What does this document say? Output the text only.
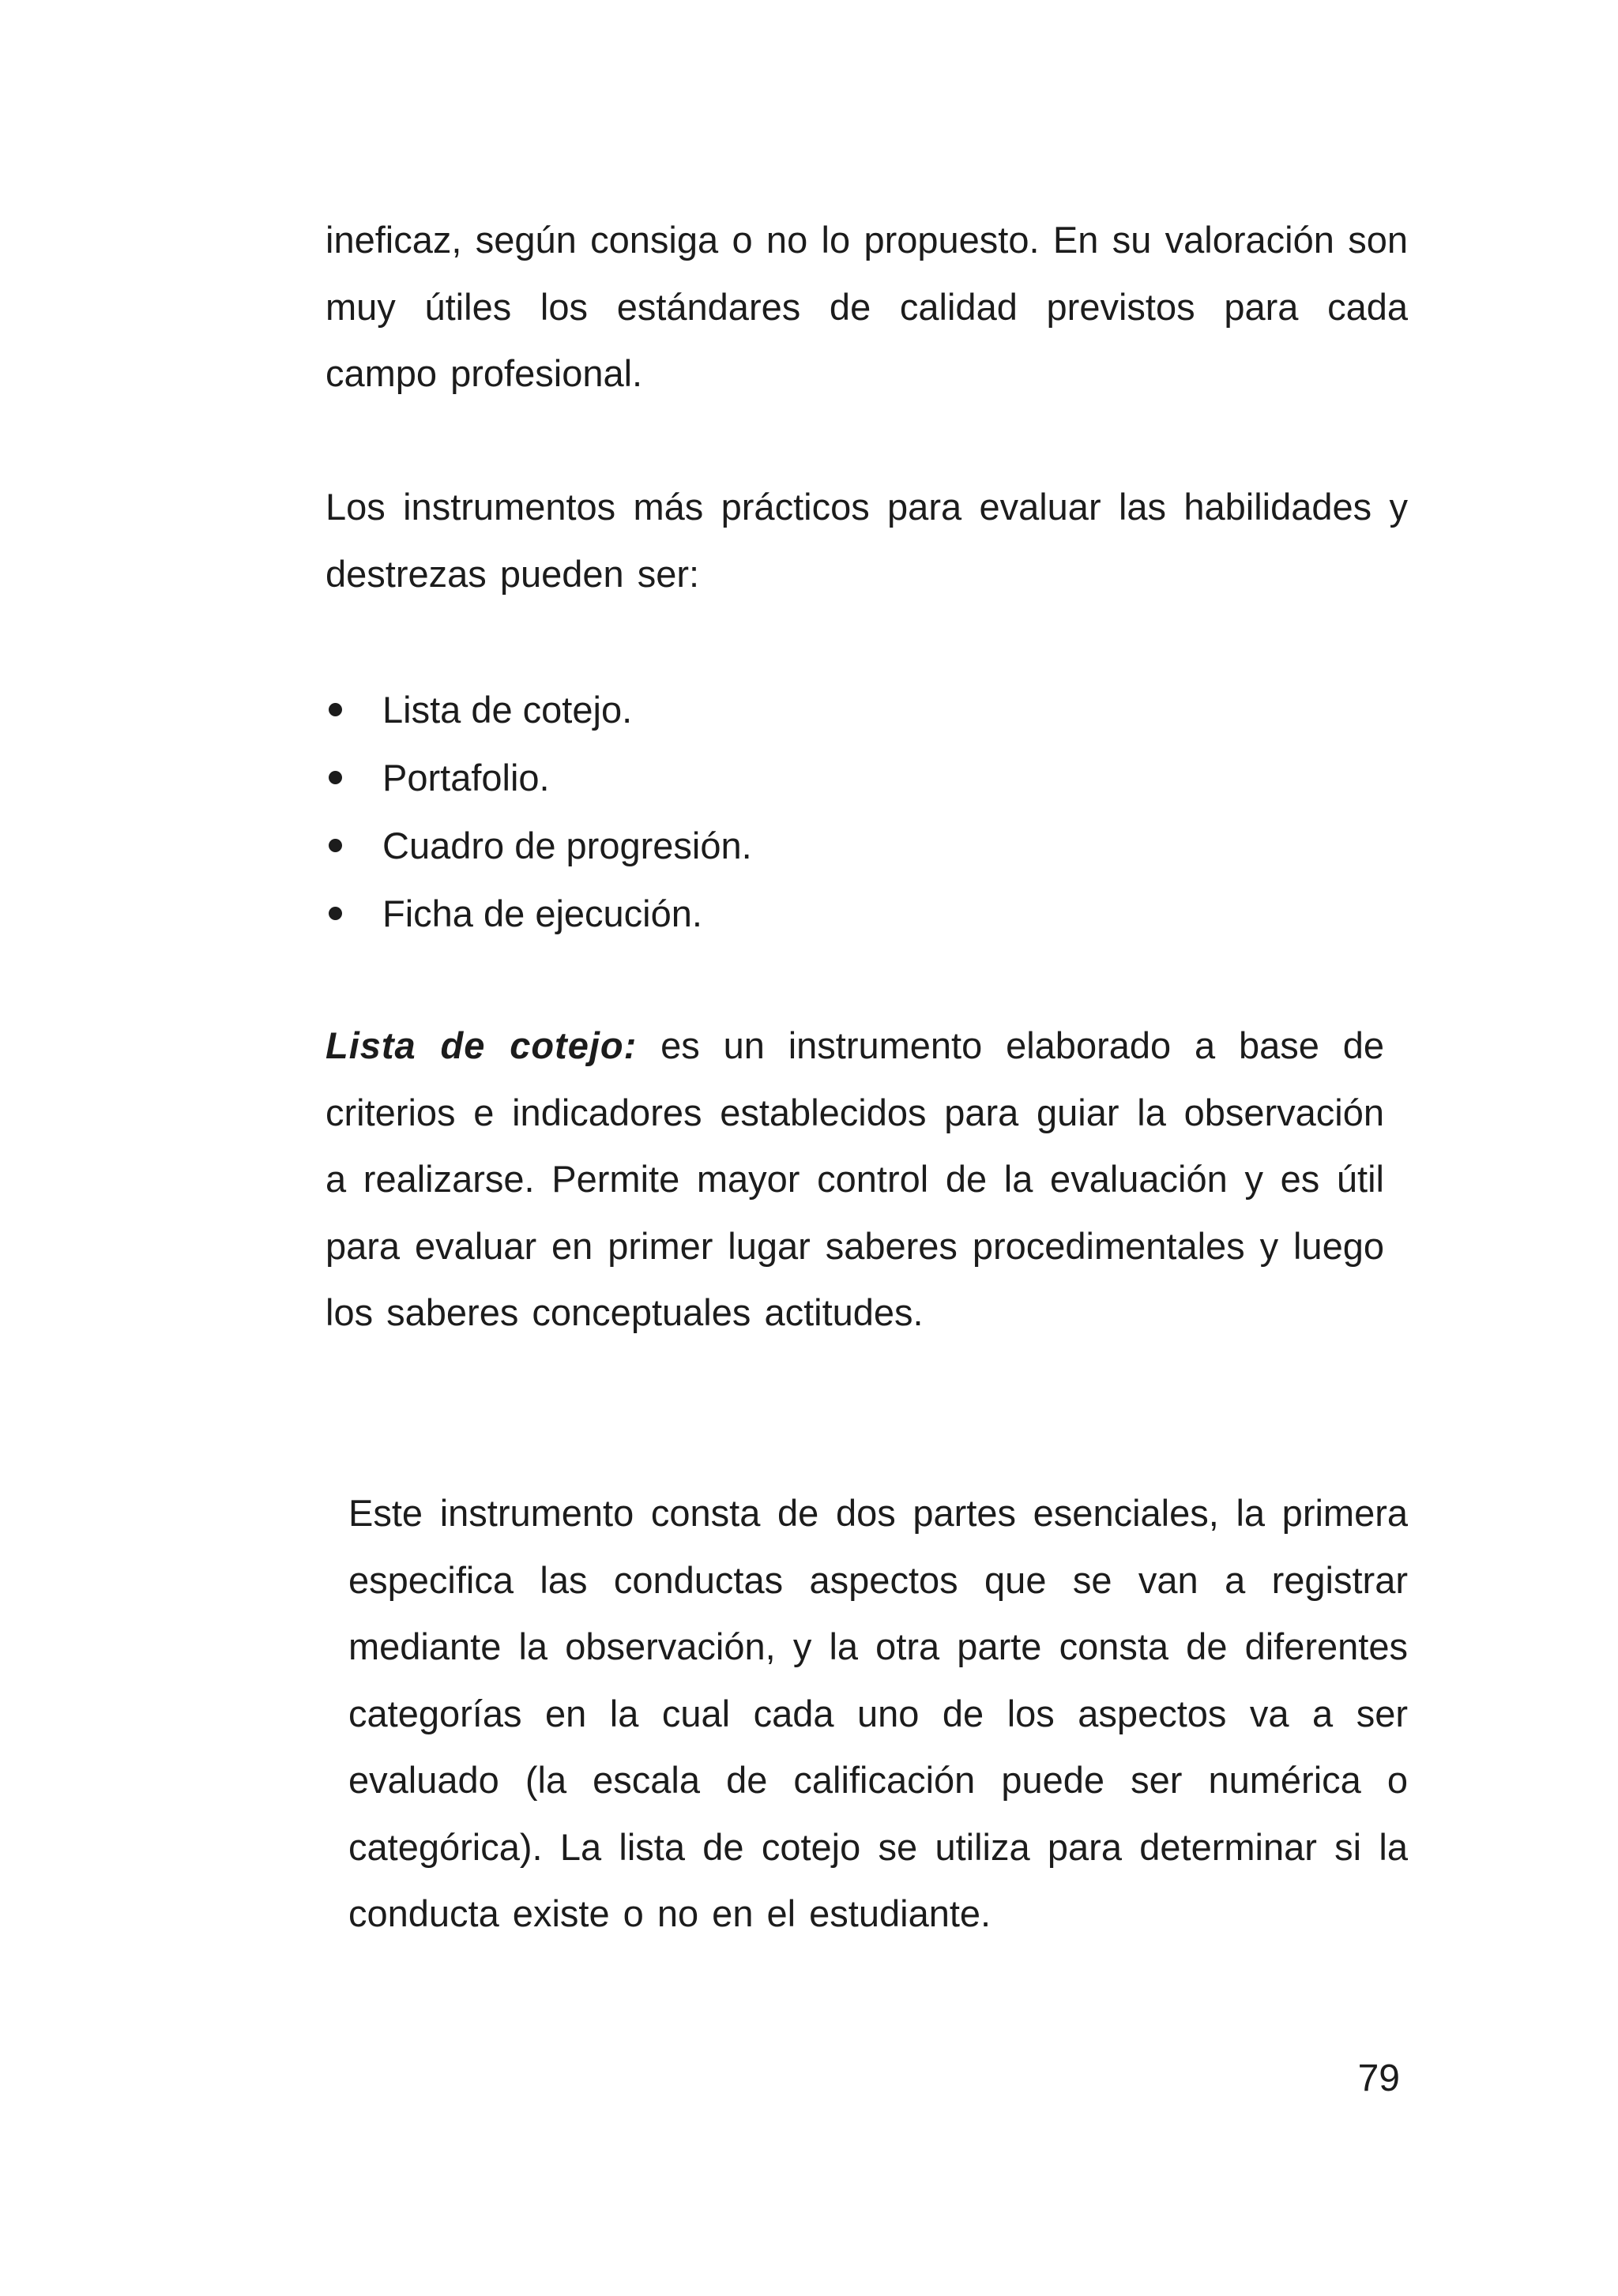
ineficaz, según consiga o no lo propuesto. En su valoración son muy útiles los estándares de calidad previstos para cada campo profesional.

Los instrumentos más prácticos para evaluar las habilidades y destrezas pueden ser:

Lista de cotejo.
Portafolio.
Cuadro de progresión.
Ficha de ejecución.

Lista de cotejo: es un instrumento elaborado a base de criterios e indicadores establecidos para guiar la observación a realizarse. Permite mayor control de la evaluación y es útil para evaluar en primer lugar saberes procedimentales y luego los saberes conceptuales actitudes.

Este instrumento consta de dos partes esenciales, la primera especifica las conductas aspectos que se van a registrar mediante la observación, y la otra parte consta de diferentes categorías en la cual cada uno de los aspectos va a ser evaluado (la escala de calificación puede ser numérica o categórica). La lista de cotejo se utiliza para determinar si la conducta existe o no en el estudiante.

79
